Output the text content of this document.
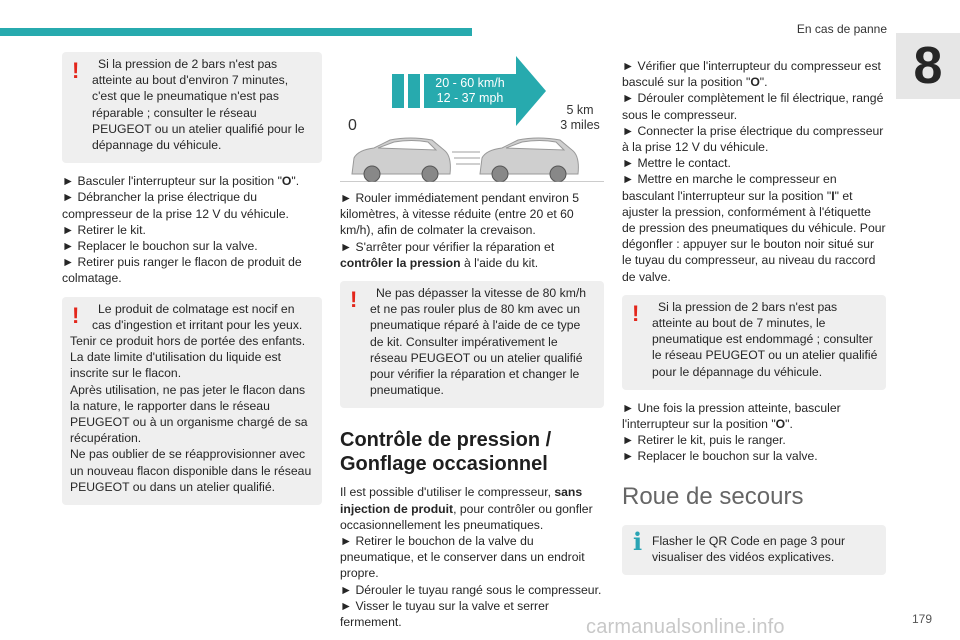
En cas de panne
8
!	Si la pression de 2 bars n'est pas atteinte au bout d'environ 7 minutes, c'est que le pneumatique n'est pas réparable ; consulter le réseau PEUGEOT ou un atelier qualifié pour le dépannage du véhicule.

► Basculer l'interrupteur sur la position "O".

► Débrancher la prise électrique du compresseur de la prise 12 V du véhicule.

► Retirer le kit.

► Replacer le bouchon sur la valve.

► Retirer puis ranger le flacon de produit de colmatage.

!	Le produit de colmatage est nocif en cas d'ingestion et irritant pour les yeux.

Tenir ce produit hors de portée des enfants.

La date limite d'utilisation du liquide est inscrite sur le flacon.

Après utilisation, ne pas jeter le flacon dans la nature, le rapporter dans le réseau PEUGEOT ou à un organisme chargé de sa récupération.

Ne pas oublier de se réapprovisionner avec un nouveau flacon disponible dans le réseau PEUGEOT ou dans un atelier qualifié.

20 - 60 km/h
12 - 37 mph
0
5 km
3 miles

► Rouler immédiatement pendant environ 5 kilomètres, à vitesse réduite (entre 20 et 60 km/h), afin de colmater la crevaison.

► S'arrêter pour vérifier la réparation et contrôler la pression à l'aide du kit.

!	Ne pas dépasser la vitesse de 80 km/h et ne pas rouler plus de 80 km avec un pneumatique réparé à l'aide de ce type de kit. Consulter impérativement le réseau PEUGEOT ou un atelier qualifié pour vérifier la réparation et changer le pneumatique.

Contrôle de pression / Gonflage occasionnel

Il est possible d'utiliser le compresseur, sans injection de produit, pour contrôler ou gonfler occasionnellement les pneumatiques.

► Retirer le bouchon de la valve du pneumatique, et le conserver dans un endroit propre.

► Dérouler le tuyau rangé sous le compresseur.

► Visser le tuyau sur la valve et serrer fermement.

► Vérifier que l'interrupteur du compresseur est basculé sur la position "O".

► Dérouler complètement le fil électrique, rangé sous le compresseur.

► Connecter la prise électrique du compresseur à la prise 12 V du véhicule.

► Mettre le contact.

► Mettre en marche le compresseur en basculant l'interrupteur sur la position "I" et ajuster la pression, conformément à l'étiquette de pression des pneumatiques du véhicule. Pour dégonfler : appuyer sur le bouton noir situé sur le tuyau du compresseur, au niveau du raccord de valve.

!	Si la pression de 2 bars n'est pas atteinte au bout de 7 minutes, le pneumatique est endommagé ; consulter le réseau PEUGEOT ou un atelier qualifié pour le dépannage du véhicule.

► Une fois la pression atteinte, basculer l'interrupteur sur la position "O".

► Retirer le kit, puis le ranger.

► Replacer le bouchon sur la valve.

Roue de secours
i Flasher le QR Code en page 3 pour visualiser des vidéos explicatives.

carmanualsonline.info	179
